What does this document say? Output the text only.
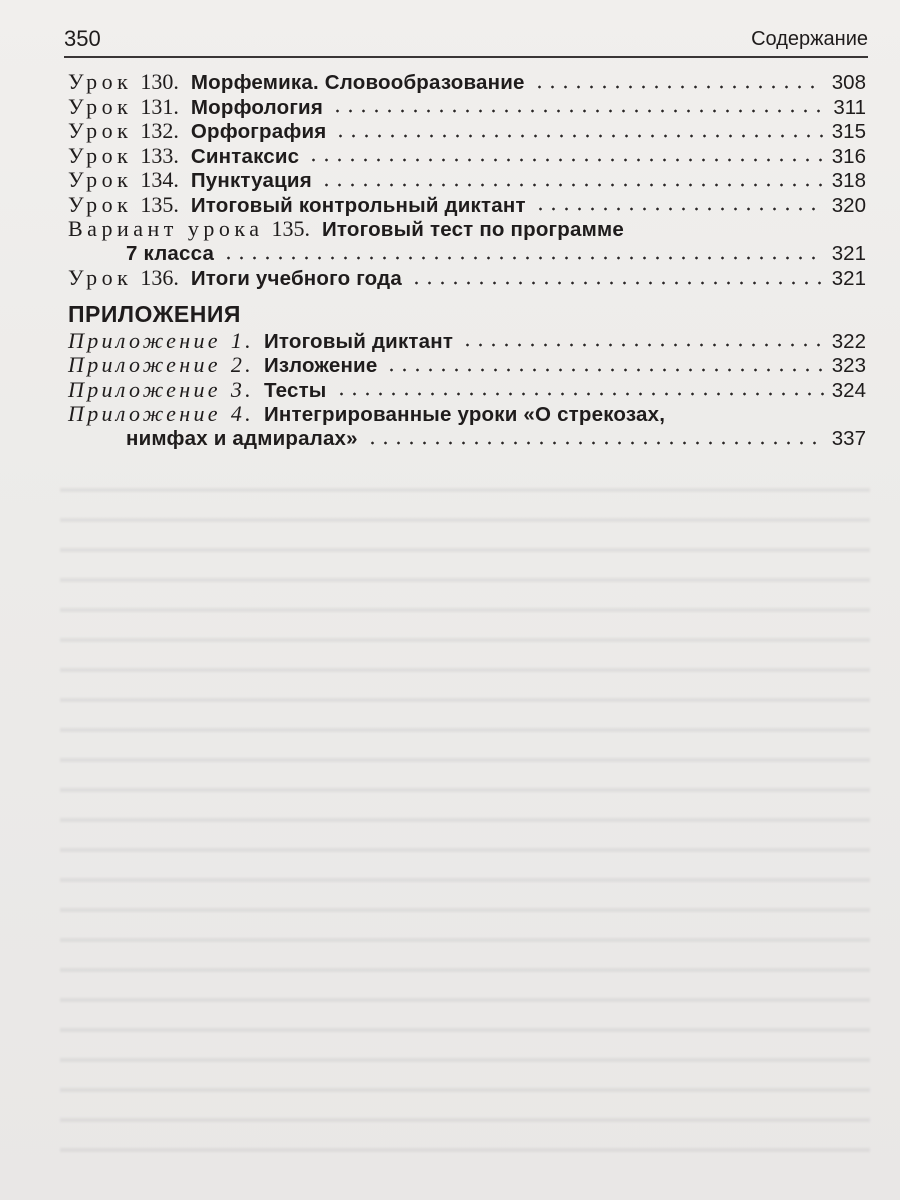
350	Содержание
Урок 130. Морфемика. Словообразование	308
Урок 131. Морфология	311
Урок 132. Орфография	315
Урок 133. Синтаксис	316
Урок 134. Пунктуация	318
Урок 135. Итоговый контрольный диктант	320
Вариант урока 135. Итоговый тест по программе
7 класса	321
Урок 136. Итоги учебного года	321
ПРИЛОЖЕНИЯ
Приложение 1. Итоговый диктант	322
Приложение 2. Изложение	323
Приложение 3. Тесты	324
Приложение 4. Интегрированные уроки «О стрекозах,
нимфах и адмиралах»	337
